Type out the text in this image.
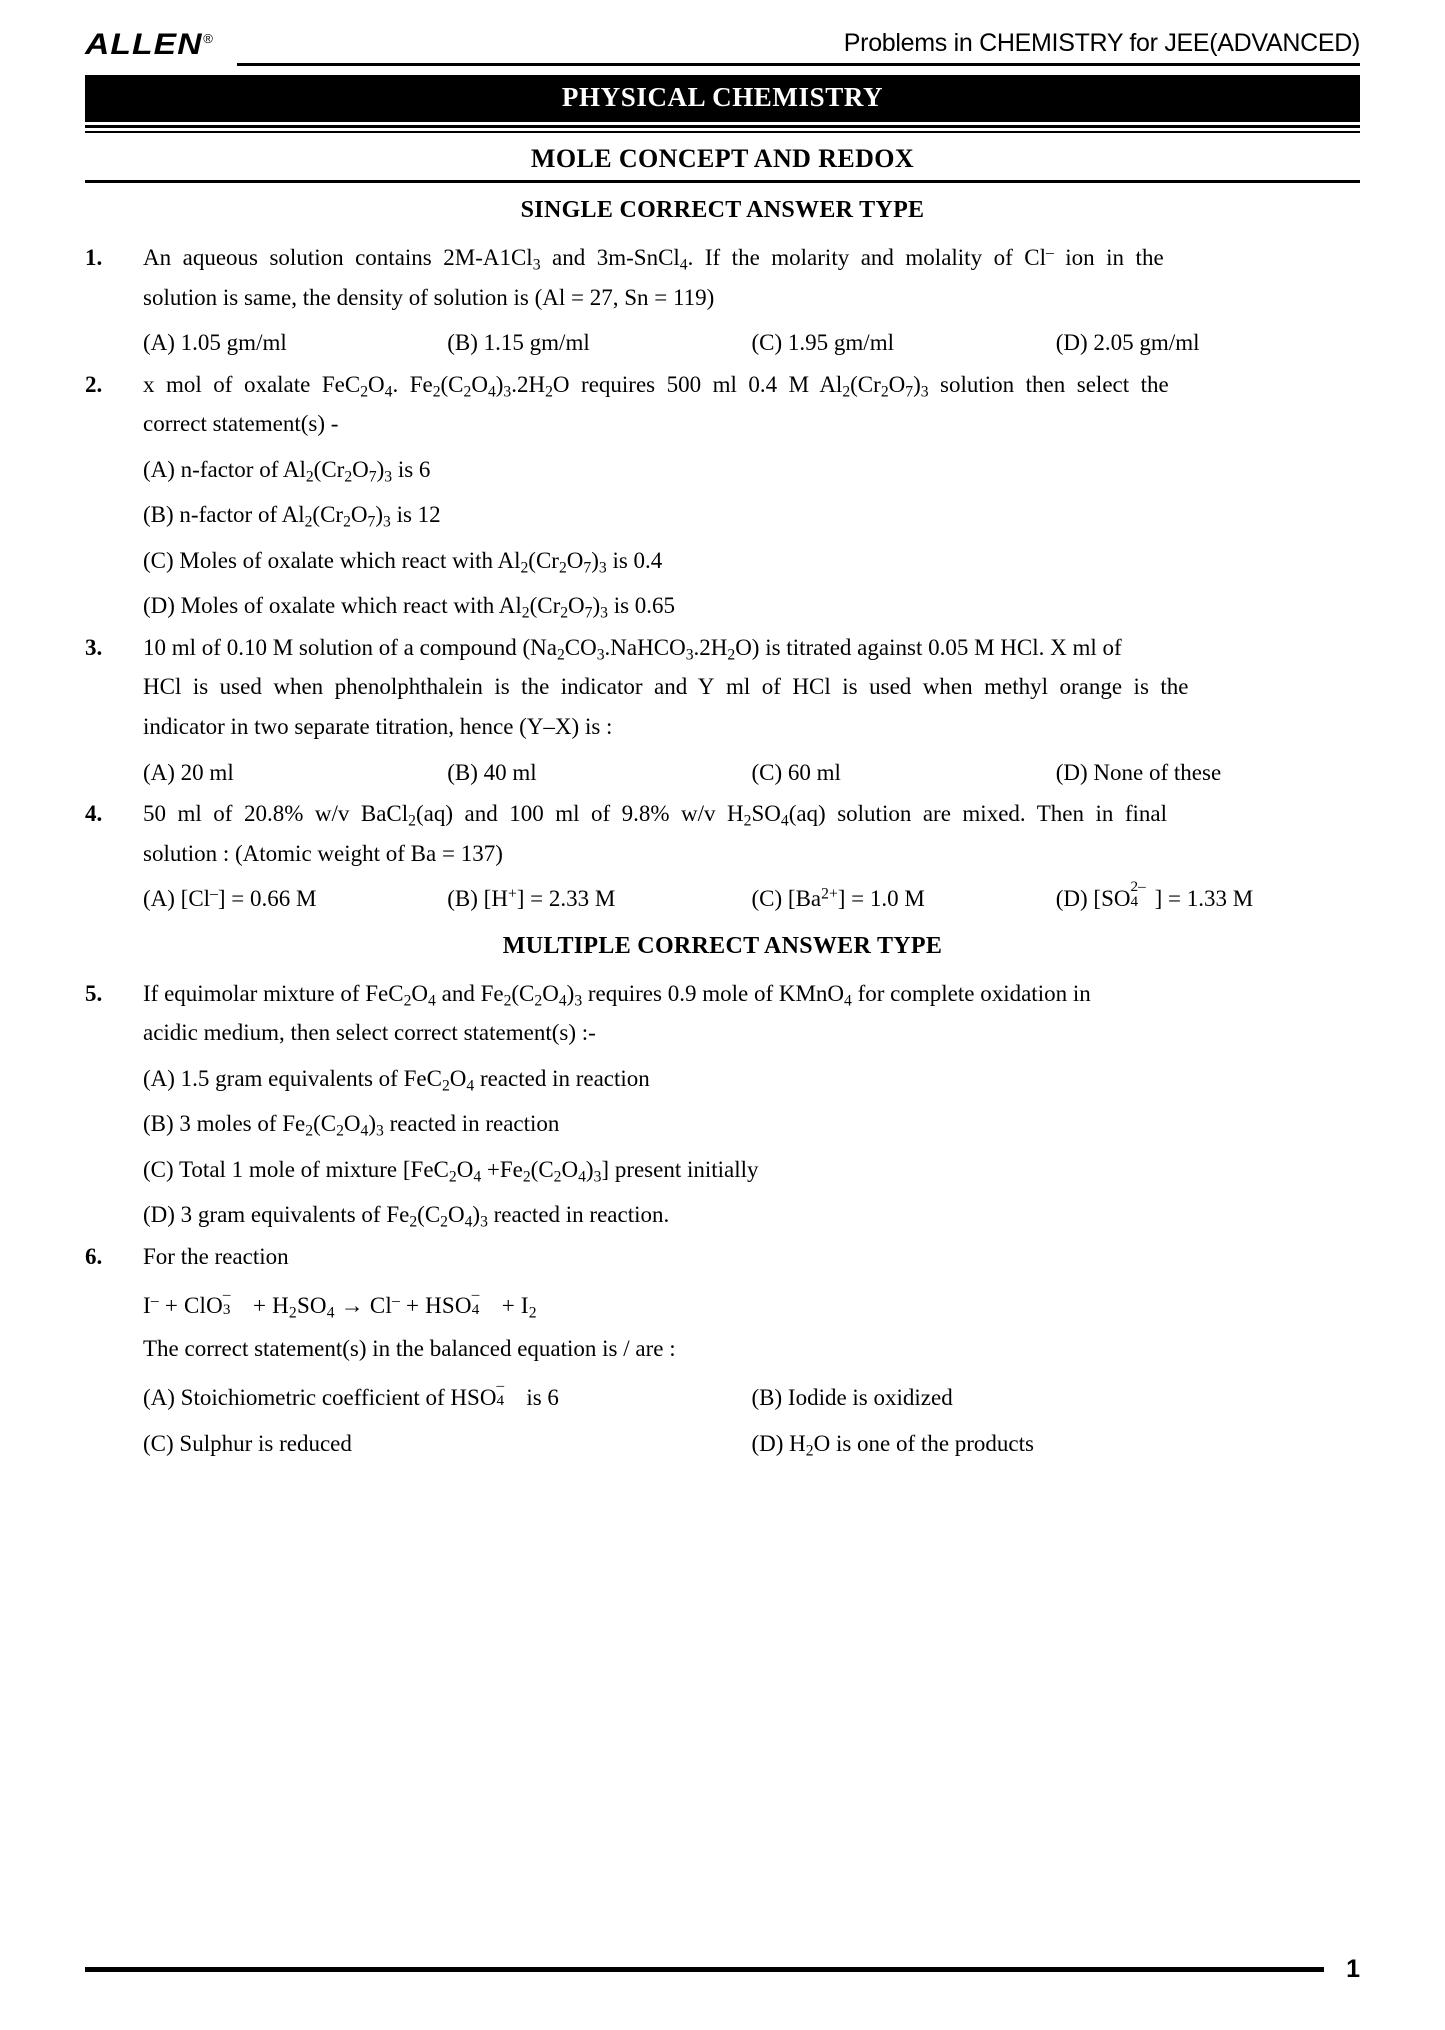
ALLEN®	Problems in CHEMISTRY for JEE(ADVANCED)
PHYSICAL CHEMISTRY
MOLE CONCEPT AND REDOX
SINGLE CORRECT ANSWER TYPE
1.	An  aqueous  solution  contains  $2M-A1Cl_3$  and  3m-SnCl$_4$.  If  the  molarity  and  molality  of  Cl–  ion  in  the
solution is same, the density of solution is (Al = 27, Sn = 119)
(A) 1.05 gm/ml	(B) 1.15 gm/ml	(C) 1.95 gm/ml	(D) 2.05 gm/ml
2.	x  mol  of  oxalate  $FeC_2O_4$.  $Fe_2(C_2O_4)_3.2H_2O$  requires  500  ml  0.4  M  $Al_2(Cr_2O_7)_3$  solution  then  select  the
correct statement(s) -
(A) n-factor of $Al_2(Cr_2O_7)_3$ is 6
(B) n-factor of $Al_2(Cr_2O_7)_3$ is 12
(C) Moles of oxalate which react with $Al_2(Cr_2O_7)_3$ is 0.4
(D) Moles of oxalate which react with $Al_2(Cr_2O_7)_3$ is 0.65
3.	10 ml of 0.10 M solution of a compound $(Na_2CO_3.NaHCO_3.2H_2O)$ is titrated against 0.05 M HCl. X ml of
HCl  is  used  when  phenolphthalein  is  the  indicator  and  Y  ml  of  HCl  is  used  when  methyl  orange  is  the
indicator in two separate titration, hence (Y–X) is :
(A) 20 ml	(B) 40 ml	(C) 60 ml	(D) None of these
4.	50  ml  of  20.8%  w/v  BaCl$_2$(aq)  and  100  ml  of  9.8%  w/v  $H_2SO_4(aq)$  solution  are  mixed.  Then  in  final
solution : (Atomic weight of Ba = 137)
(A) [Cl–] = 0.66 M	(B) [H+] = 2.33 M	(C) $[Ba^{2+}] = 1.0$ M	(D) [SO 2–
4 ] = 1.33 M
MULTIPLE CORRECT ANSWER TYPE
5.	If equimolar mixture of $FeC_2O_4$ and $Fe_2(C_2O_4)_3$ requires 0.9 mole of KMnO$_4$ for complete oxidation in
acidic medium, then select correct statement(s) :-
(A) 1.5 gram equivalents of $FeC_2O_4$ reacted in reaction
(B) 3 moles of $Fe_2(C_2O_4)_3$ reacted in reaction
(C) Total 1 mole of mixture $[FeC_2O_4 +Fe_2(C_2O_4)_3]$ present initially
(D) 3 gram equivalents of $Fe_2(C_2O_4)_3$ reacted in reaction.
6.	For the reaction
I– + ClO –
$3 + H_2SO_4 \to Cl^-$ + HSO –
$4 + I_2$
The correct statement(s) in the balanced equation is / are :
(A) Stoichiometric coefficient of HSO –
4 is 6	(B) Iodide is oxidized
(C) Sulphur is reduced	(D) $H_2O$ is one of the products
1
